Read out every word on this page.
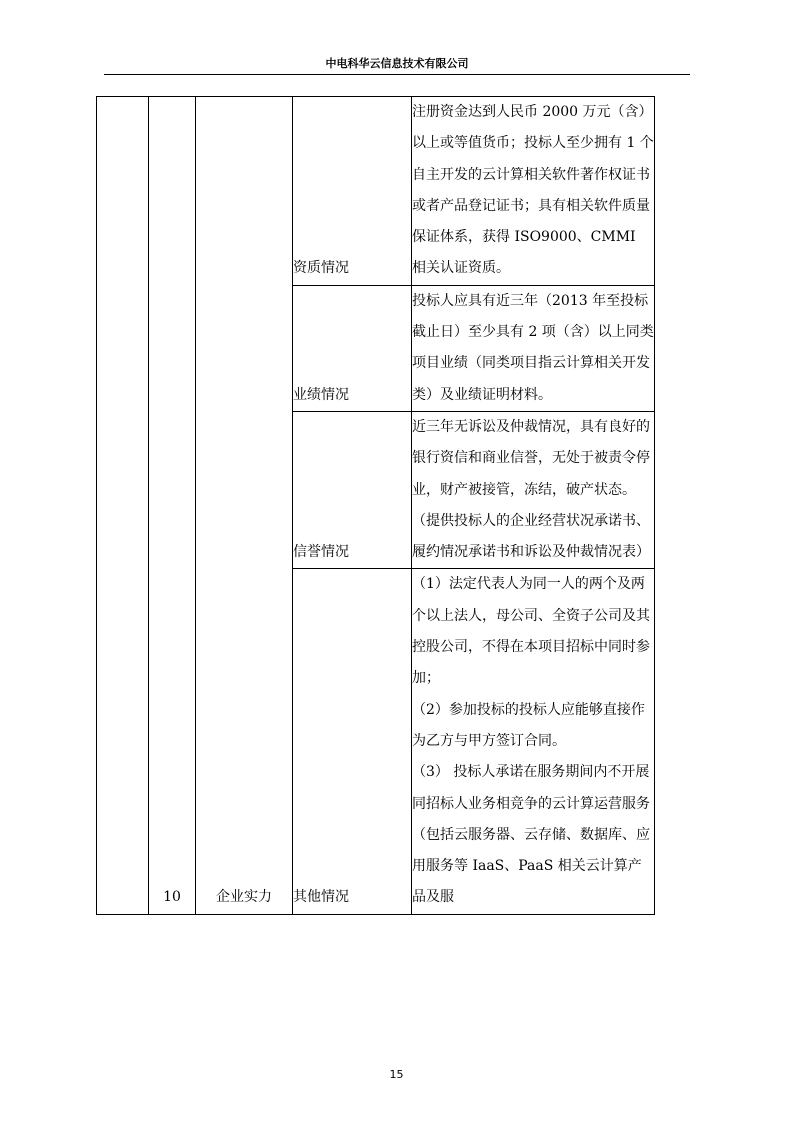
中电科华云信息技术有限公司
	10	企业实力	资质情况	注册资金达到人民币 2000 万元（含）以上或等值货币；投标人至少拥有 1 个自主开发的云计算相关软件著作权证书或者产品登记证书；具有相关软件质量保证体系，获得 ISO9000、CMMI 相关认证资质。

			业绩情况	投标人应具有近三年（2013 年至投标截止日）至少具有 2 项（含）以上同类项目业绩（同类项目指云计算相关开发类）及业绩证明材料。

			信誉情况	近三年无诉讼及仲裁情况，具有良好的银行资信和商业信誉，无处于被责令停业，财产被接管，冻结，破产状态。（提供投标人的企业经营状况承诺书、履约情况承诺书和诉讼及仲裁情况表）

			其他情况	（1）法定代表人为同一人的两个及两个以上法人，母公司、全资子公司及其控股公司，不得在本项目招标中同时参加；
（2）参加投标的投标人应能够直接作为乙方与甲方签订合同。
（3） 投标人承诺在服务期间内不开展同招标人业务相竞争的云计算运营服务（包括云服务器、云存储、数据库、应用服务等 IaaS、PaaS 相关云计算产品及服
15
